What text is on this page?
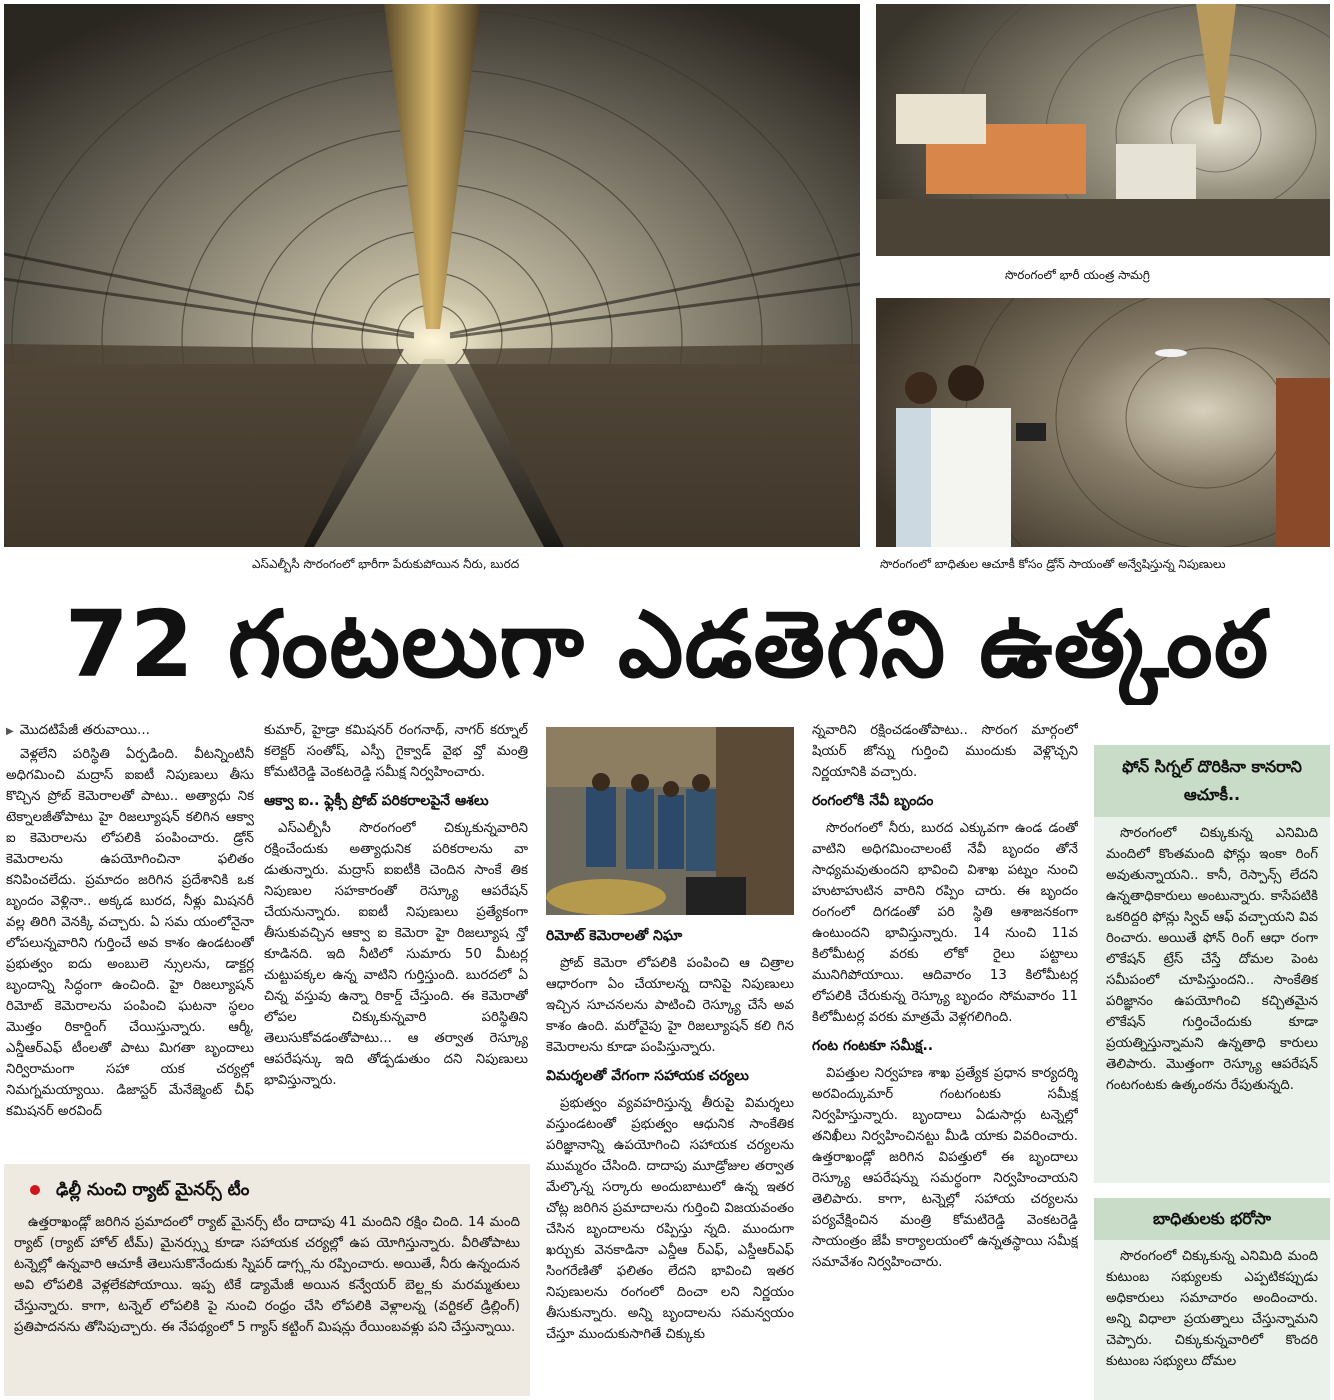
సొరంగంలో భారీ యంత్ర సామగ్రి
ఎస్ఎల్బీసీ సొరంగంలో భారీగా పేరుకుపోయిన నీరు, బురద	సొరంగంలో బాధితుల ఆచూకీ కోసం డ్రోన్ సాయంతో అన్వేషిస్తున్న నిపుణులు
72 గంటలుగా ఎడతెగని ఉత్కంఠ

▶ మొదటిపేజీ తరువాయి...

వెళ్లలేని పరిస్థితి ఏర్పడింది. వీటన్నింటినీ అధిగమించి మద్రాస్ ఐఐటీ నిపుణులు తీసు కొచ్చిన ప్రోబ్ కెమెరాలతో పాటు.. అత్యాధు నిక టెక్నాలజీతోపాటు హై రిజల్యూషన్ కలిగిన ఆక్వా ఐ కెమెరాలను లోపలికి పంపించారు. డ్రోన్ కెమెరాలను ఉపయోగించినా ఫలితం కనిపించలేదు. ప్రమాదం జరిగిన ప్రదేశానికి ఒక బృందం వెళ్లినా.. అక్కడ బురద, నీళ్లు మిషనరీ వల్ల తిరిగి వెనక్కి వచ్చారు. ఏ సమ యంలోనైనా లోపలున్నవారిని గుర్తించే అవ కాశం ఉండటంతో ప్రభుత్వం ఐదు అంబులె న్సులను, డాక్టర్ల బృందాన్ని సిద్ధంగా ఉంచింది. హై రిజల్యూషన్ రిమోట్ కెమెరాలను పంపించి ఘటనా స్థలం మొత్తం రికార్డింగ్ చేయిస్తున్నారు. ఆర్మీ, ఎన్డీఆర్ఎఫ్ టీంలతో పాటు మిగతా బృందాలు నిర్విరామంగా సహా యక చర్యల్లో నిమగ్నమయ్యాయి. డిజాస్టర్ మేనేజ్మెంట్ చీఫ్ కమిషనర్ అరవింద్

కుమార్, హైడ్రా కమిషనర్ రంగనాథ్, నాగర్ కర్నూల్ కలెక్టర్ సంతోష్, ఎస్పీ గైక్వాడ్ వైభ వ్తో మంత్రి కోమటిరెడ్డి వెంకటరెడ్డి సమీక్ష నిర్వహించారు.

ఆక్వా ఐ.. ఫ్లెక్సీ ప్రోబ్ పరికరాలపైనే ఆశలు

ఎస్ఎల్బీసీ సొరంగంలో చిక్కుకున్నవారిని రక్షించేందుకు అత్యాధునిక పరికరాలను వా డుతున్నారు. మద్రాస్ ఐఐటీకి చెందిన సాంకే తిక నిపుణుల సహకారంతో రెస్క్యూ ఆపరేషన్ చేయనున్నారు. ఐఐటీ నిపుణులు ప్రత్యేకంగా తీసుకువచ్చిన ఆక్వా ఐ కెమెరా హై రిజల్యూష న్తో కూడినది. ఇది నీటిలో సుమారు 50 మీటర్ల చుట్టుపక్కల ఉన్న వాటిని గుర్తిస్తుంది. బురదలో ఏ చిన్న వస్తువు ఉన్నా రికార్డ్ చేస్తుంది. ఈ కెమెరాతో లోపల చిక్కుకున్నవారి పరిస్థితిని తెలుసుకోవడంతోపాటు... ఆ తర్వాత రెస్క్యూ ఆపరేషన్కు ఇది తోడ్పడుతుం దని నిపుణులు భావిస్తున్నారు.

రిమోట్ కెమెరాలతో నిఘా

ప్రోబ్ కెమెరా లోపలికి పంపించి ఆ చిత్రాల ఆధారంగా ఏం చేయాలన్న దానిపై నిపుణులు ఇచ్చిన సూచనలను పాటించి రెస్క్యూ చేసే అవ కాశం ఉంది. మరోవైపు హై రిజల్యూషన్ కలి గిన కెమెరాలను కూడా పంపిస్తున్నారు.

విమర్శలతో వేగంగా సహాయక చర్యలు

ప్రభుత్వం వ్యవహరిస్తున్న తీరుపై విమర్శలు వస్తుండటంతో ప్రభుత్వం ఆధునిక సాంకేతిక పరిజ్ఞానాన్ని ఉపయోగించి సహాయక చర్యలను ముమ్మరం చేసింది. దాదాపు మూడ్రోజుల తర్వాత మేల్కొన్న సర్కారు అందుబాటులో ఉన్న ఇతర చోట్ల జరిగిన ప్రమాదాలను గుర్తించి విజయవంతం చేసిన బృందాలను రప్పిస్తు న్నది. ముందుగా ఖర్చుకు వెనకాడినా ఎన్డీఆ ర్ఎఫ్, ఎస్డీఆర్ఎఫ్ సింగరేణితో ఫలితం లేదని భావించి ఇతర నిపుణులను రంగంలో దించా లని నిర్ణయం తీసుకున్నారు. అన్ని బృందాలను సమన్వయం చేస్తూ ముందుకుసాగితే చిక్కుకు

న్నవారిని రక్షించడంతోపాటు.. సొరంగ మార్గంలో షియర్ జోన్ను గుర్తించి ముందుకు వెళ్లొచ్చని నిర్ణయానికి వచ్చారు.

రంగంలోకి నేవీ బృందం

సొరంగంలో నీరు, బురద ఎక్కువగా ఉండ డంతో వాటిని అధిగమించాలంటే నేవీ బృందం తోనే సాధ్యమవుతుందని భావించి విశాఖ పట్నం నుంచి హుటాహుటిన వారిని రప్పిం చారు. ఈ బృందం రంగంలో దిగడంతో పరి స్థితి ఆశాజనకంగా ఉంటుందని భావిస్తున్నారు. 14 నుంచి 11వ కిలోమీటర్ల వరకు లోకో రైలు పట్టాలు మునిగిపోయాయి. ఆదివారం 13 కిలోమీటర్ల లోపలికి చేరుకున్న రెస్క్యూ బృందం సోమవారం 11 కిలోమీటర్ల వరకు మాత్రమే వెళ్లగలిగింది.

గంట గంటకూ సమీక్ష..

విపత్తుల నిర్వహణ శాఖ ప్రత్యేక ప్రధాన కార్యదర్శి అరవింద్కుమార్ గంటగంటకు సమీక్ష నిర్వహిస్తున్నారు. బృందాలు ఏడుసార్లు టన్నెల్లో తనిఖీలు నిర్వహించినట్టు మీడి యాకు వివరించారు. ఉత్తరాఖండ్లో జరిగిన విపత్తులో ఈ బృందాలు రెస్క్యూ ఆపరేషన్ను సమర్థంగా నిర్వహించాయని తెలిపారు. కాగా, టన్నెల్లో సహాయ చర్యలను పర్యవేక్షించిన మంత్రి కోమటిరెడ్డి వెంకటరెడ్డి సాయంత్రం జేపీ కార్యాలయంలో ఉన్నతస్థాయి సమీక్ష సమావేశం నిర్వహించారు.

ఫోన్ సిగ్నల్ దొరికినా కానరాని ఆచూకీ..

సొరంగంలో చిక్కుకున్న ఎనిమిది మందిలో కొంతమంది ఫోన్లు ఇంకా రింగ్ అవుతున్నాయని.. కానీ, రెస్పాన్స్ లేదని ఉన్నతాధికారులు అంటున్నారు. కాసేపటికి ఒకరిద్దరి ఫోన్లు స్విచ్ ఆఫ్ వచ్చాయని వివ రించారు. అయితే ఫోన్ రింగ్ ఆధా రంగా లొకేషన్ ట్రేస్ చేస్తే దోమల పెంట సమీపంలో చూపిస్తుందని.. సాంకేతిక పరిజ్ఞానం ఉపయోగించి కచ్చితమైన లొకేషన్ గుర్తించేందుకు కూడా ప్రయత్నిస్తున్నామని ఉన్నతాధి కారులు తెలిపారు. మొత్తంగా రెస్క్యూ ఆపరేషన్ గంటగంటకు ఉత్కంఠను రేపుతున్నది.

బాధితులకు భరోసా

సొరంగంలో చిక్కుకున్న ఎనిమిది మంది కుటుంబ సభ్యులకు ఎప్పటికప్పుడు అధికారులు సమాచారం అందించారు. అన్ని విధాలా ప్రయత్నాలు చేస్తున్నామని చెప్పారు. చిక్కుకున్నవారిలో కొందరి కుటుంబ సభ్యులు దోమల

ఢిల్లీ నుంచి ర్యాట్ మైనర్స్ టీం

ఉత్తరాఖండ్లో జరిగిన ప్రమాదంలో ర్యాట్ మైనర్స్ టీం దాదాపు 41 మందిని రక్షిం చింది. 14 మంది ర్యాట్ (ర్యాట్ హోల్ టీమ్) మైనర్స్ను కూడా సహాయక చర్యల్లో ఉప యోగిస్తున్నారు. వీరితోపాటు టన్నెల్లో ఉన్నవారి ఆచూకీ తెలుసుకొనేందుకు స్నిపర్ డాగ్స్లను రప్పించారు. అయితే, నీరు ఉన్నందున అవి లోపలికి వెళ్లలేకపోయాయి. ఇప్ప టికే డ్యామేజీ అయిన కన్వేయర్ బెల్ట్లకు మరమ్మతులు చేస్తున్నారు. కాగా, టన్నెల్ లోపలికి పై నుంచి రంధ్రం చేసి లోపలికి వెళ్లాలన్న (వర్టికల్ డ్రిల్లింగ్) ప్రతిపాదనను తోసిపుచ్చారు. ఈ నేపథ్యంలో 5 గ్యాస్ కట్టింగ్ మిషన్లు రేయింబవళ్లు పని చేస్తున్నాయి.
